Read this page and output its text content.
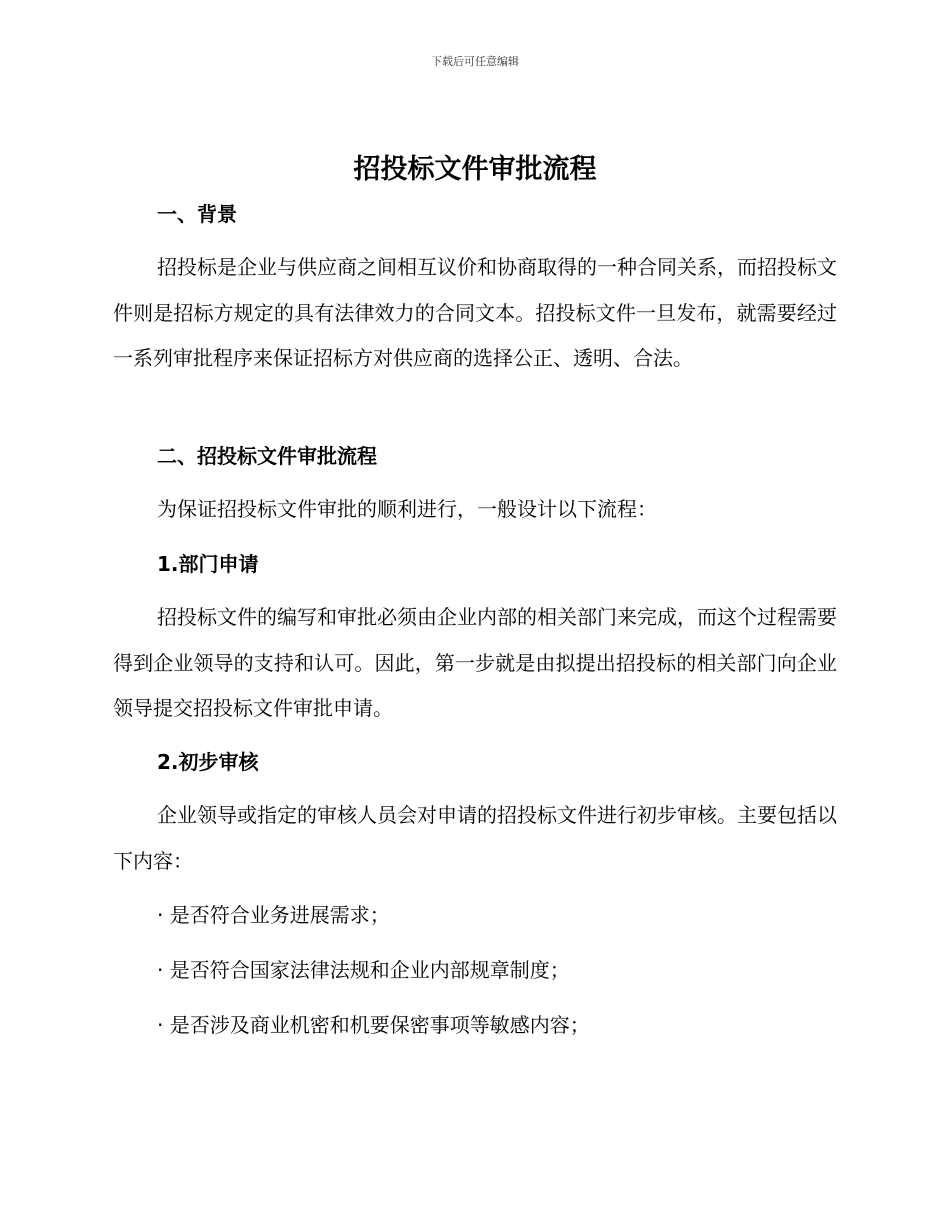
下载后可任意编辑
招投标文件审批流程
一、背景

招投标是企业与供应商之间相互议价和协商取得的一种合同关系，而招投标文件则是招标方规定的具有法律效力的合同文本。招投标文件一旦发布，就需要经过一系列审批程序来保证招标方对供应商的选择公正、透明、合法。

二、招投标文件审批流程

为保证招投标文件审批的顺利进行，一般设计以下流程：

1.部门申请

招投标文件的编写和审批必须由企业内部的相关部门来完成，而这个过程需要得到企业领导的支持和认可。因此，第一步就是由拟提出招投标的相关部门向企业领导提交招投标文件审批申请。

2.初步审核

企业领导或指定的审核人员会对申请的招投标文件进行初步审核。主要包括以下内容：

· 是否符合业务进展需求；

· 是否符合国家法律法规和企业内部规章制度；

· 是否涉及商业机密和机要保密事项等敏感内容；
